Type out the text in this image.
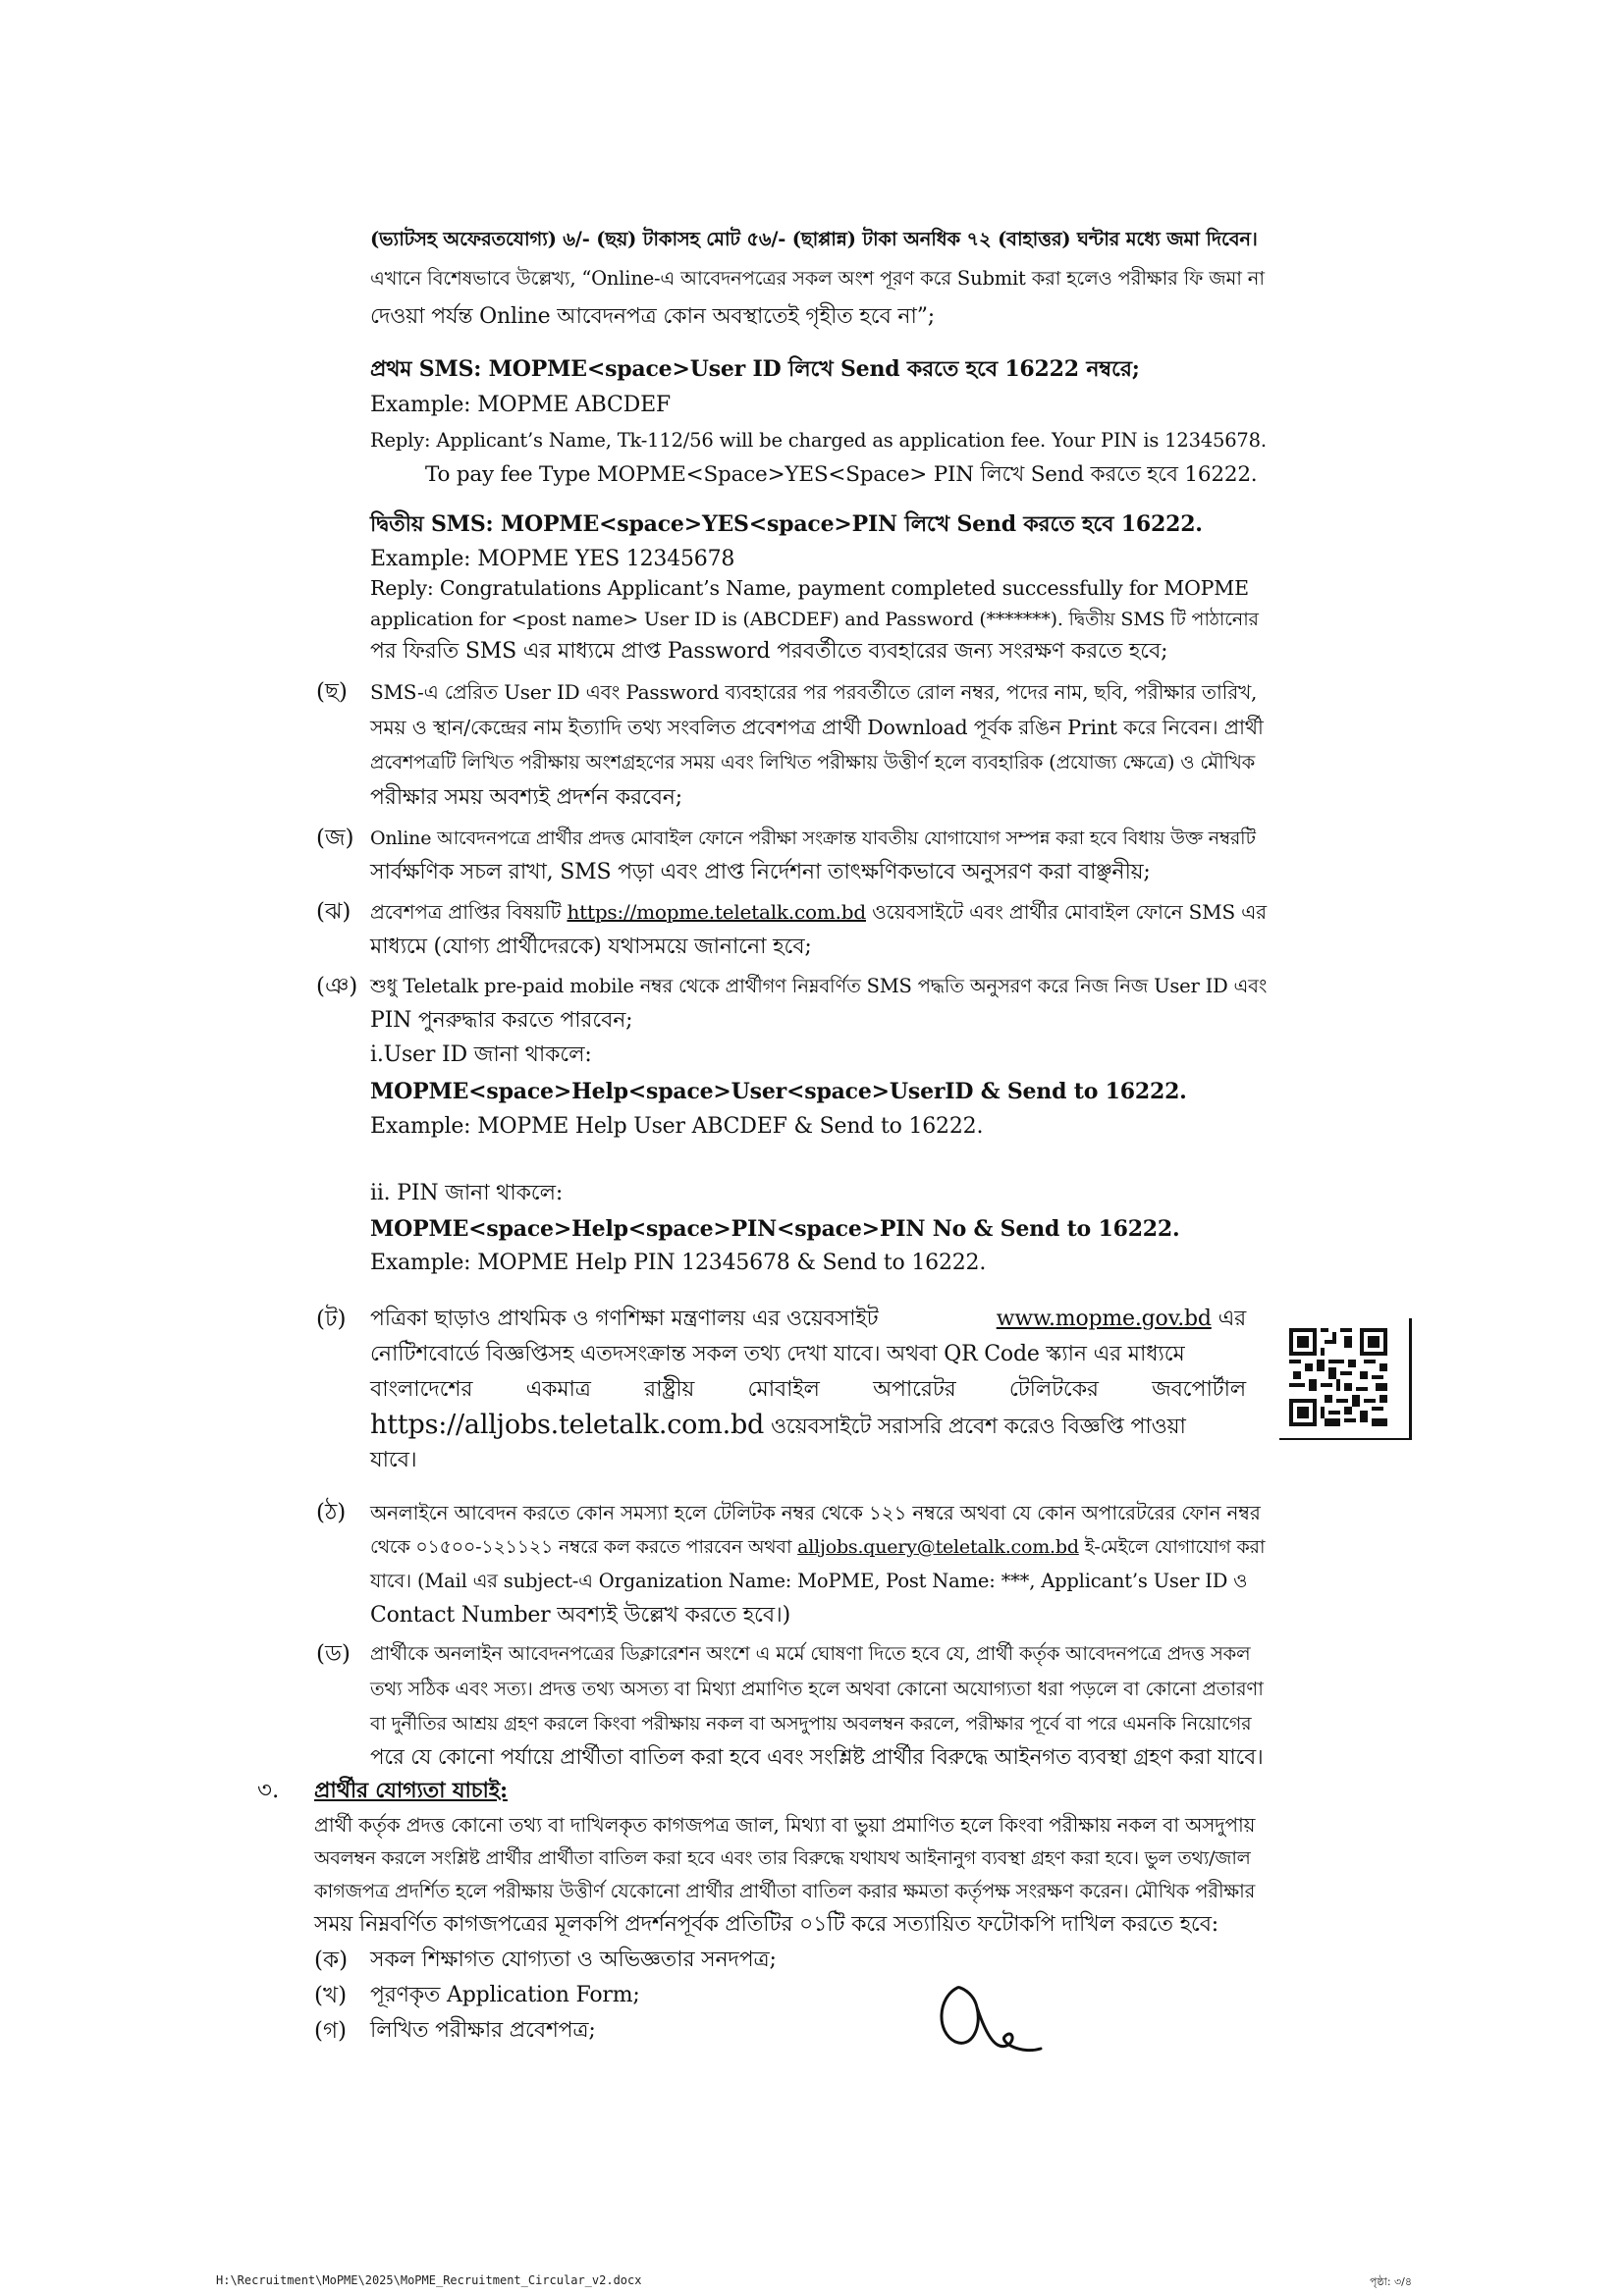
(ভ্যাটসহ অফেরতযোগ্য) ৬/- (ছয়) টাকাসহ মোট ৫৬/- (ছাপ্পান্ন) টাকা অনধিক ৭২ (বাহাত্তর) ঘন্টার মধ্যে জমা দিবেন।
এখানে বিশেষভাবে উল্লেখ্য, “Online-এ আবেদনপত্রের সকল অংশ পূরণ করে Submit করা হলেও পরীক্ষার ফি জমা না
দেওয়া পর্যন্ত Online আবেদনপত্র কোন অবস্থাতেই গৃহীত হবে না”;
প্রথম SMS: MOPME<space>User ID লিখে Send করতে হবে 16222 নম্বরে;
Example: MOPME ABCDEF
Reply: Applicant’s Name, Tk-112/56 will be charged as application fee. Your PIN is 12345678.
To pay fee Type MOPME<Space>YES<Space> PIN লিখে Send করতে হবে 16222.
দ্বিতীয় SMS: MOPME<space>YES<space>PIN লিখে Send করতে হবে 16222.
Example: MOPME YES 12345678
Reply: Congratulations Applicant’s Name, payment completed successfully for MOPME
application for <post name> User ID is (ABCDEF) and Password (*******). দ্বিতীয় SMS টি পাঠানোর
পর ফিরতি SMS এর মাধ্যমে প্রাপ্ত Password পরবর্তীতে ব্যবহারের জন্য সংরক্ষণ করতে হবে;
(ছ) SMS-এ প্রেরিত User ID এবং Password ব্যবহারের পর পরবর্তীতে রোল নম্বর, পদের নাম, ছবি, পরীক্ষার তারিখ,
সময় ও স্থান/কেন্দ্রের নাম ইত্যাদি তথ্য সংবলিত প্রবেশপত্র প্রার্থী Download পূর্বক রঙিন Print করে নিবেন। প্রার্থী
প্রবেশপত্রটি লিখিত পরীক্ষায় অংশগ্রহণের সময় এবং লিখিত পরীক্ষায় উত্তীর্ণ হলে ব্যবহারিক (প্রযোজ্য ক্ষেত্রে) ও মৌখিক
পরীক্ষার সময় অবশ্যই প্রদর্শন করবেন;
(জ) Online আবেদনপত্রে প্রার্থীর প্রদত্ত মোবাইল ফোনে পরীক্ষা সংক্রান্ত যাবতীয় যোগাযোগ সম্পন্ন করা হবে বিধায় উক্ত নম্বরটি
সার্বক্ষণিক সচল রাখা, SMS পড়া এবং প্রাপ্ত নির্দেশনা তাৎক্ষণিকভাবে অনুসরণ করা বাঞ্ছনীয়;
(ঝ) প্রবেশপত্র প্রাপ্তির বিষয়টি https://mopme.teletalk.com.bd ওয়েবসাইটে এবং প্রার্থীর মোবাইল ফোনে SMS এর
মাধ্যমে (যোগ্য প্রার্থীদেরকে) যথাসময়ে জানানো হবে;
(ঞ) শুধু Teletalk pre-paid mobile নম্বর থেকে প্রার্থীগণ নিম্নবর্ণিত SMS পদ্ধতি অনুসরণ করে নিজ নিজ User ID এবং
PIN পুনরুদ্ধার করতে পারবেন;
i.User ID জানা থাকলে:
MOPME<space>Help<space>User<space>UserID & Send to 16222.
Example: MOPME Help User ABCDEF & Send to 16222.
ii. PIN জানা থাকলে:
MOPME<space>Help<space>PIN<space>PIN No & Send to 16222.
Example: MOPME Help PIN 12345678 & Send to 16222.
(ট) পত্রিকা ছাড়াও প্রাথমিক ও গণশিক্ষা মন্ত্রণালয় এর ওয়েবসাইট	www.mopme.gov.bd এর
নোটিশবোর্ডে বিজ্ঞপ্তিসহ এতদসংক্রান্ত সকল তথ্য দেখা যাবে। অথবা QR Code স্ক্যান এর মাধ্যমে
বাংলাদেশের একমাত্র রাষ্ট্রীয় মোবাইল অপারেটর টেলিটকের জবপোর্টাল
https://alljobs.teletalk.com.bd ওয়েবসাইটে সরাসরি প্রবেশ করেও বিজ্ঞপ্তি পাওয়া
যাবে।
(ঠ) অনলাইনে আবেদন করতে কোন সমস্যা হলে টেলিটক নম্বর থেকে ১২১ নম্বরে অথবা যে কোন অপারেটরের ফোন নম্বর
থেকে ০১৫০০-১২১১২১ নম্বরে কল করতে পারবেন অথবা alljobs.query@teletalk.com.bd ই-মেইলে যোগাযোগ করা
যাবে। (Mail এর subject-এ Organization Name: MoPME, Post Name: ***, Applicant’s User ID ও
Contact Number অবশ্যই উল্লেখ করতে হবে।)
(ড) প্রার্থীকে অনলাইন আবেদনপত্রের ডিক্লারেশন অংশে এ মর্মে ঘোষণা দিতে হবে যে, প্রার্থী কর্তৃক আবেদনপত্রে প্রদত্ত সকল
তথ্য সঠিক এবং সত্য। প্রদত্ত তথ্য অসত্য বা মিথ্যা প্রমাণিত হলে অথবা কোনো অযোগ্যতা ধরা পড়লে বা কোনো প্রতারণা
বা দুর্নীতির আশ্রয় গ্রহণ করলে কিংবা পরীক্ষায় নকল বা অসদুপায় অবলম্বন করলে, পরীক্ষার পূর্বে বা পরে এমনকি নিয়োগের
পরে যে কোনো পর্যায়ে প্রার্থীতা বাতিল করা হবে এবং সংশ্লিষ্ট প্রার্থীর বিরুদ্ধে আইনগত ব্যবস্থা গ্রহণ করা যাবে।
৩. প্রার্থীর যোগ্যতা যাচাই:
প্রার্থী কর্তৃক প্রদত্ত কোনো তথ্য বা দাখিলকৃত কাগজপত্র জাল, মিথ্যা বা ভুয়া প্রমাণিত হলে কিংবা পরীক্ষায় নকল বা অসদুপায়
অবলম্বন করলে সংশ্লিষ্ট প্রার্থীর প্রার্থীতা বাতিল করা হবে এবং তার বিরুদ্ধে যথাযথ আইনানুগ ব্যবস্থা গ্রহণ করা হবে। ভুল তথ্য/জাল
কাগজপত্র প্রদর্শিত হলে পরীক্ষায় উত্তীর্ণ যেকোনো প্রার্থীর প্রার্থীতা বাতিল করার ক্ষমতা কর্তৃপক্ষ সংরক্ষণ করেন। মৌখিক পরীক্ষার
সময় নিম্নবর্ণিত কাগজপত্রের মূলকপি প্রদর্শনপূর্বক প্রতিটির ০১টি করে সত্যায়িত ফটোকপি দাখিল করতে হবে:
(ক) সকল শিক্ষাগত যোগ্যতা ও অভিজ্ঞতার সনদপত্র;
(খ) পূরণকৃত Application Form;
(গ) লিখিত পরীক্ষার প্রবেশপত্র;
H:\Recruitment\MoPME\2025\MoPME_Recruitment_Circular_v2.docx	পৃষ্ঠা: ৩/৪
